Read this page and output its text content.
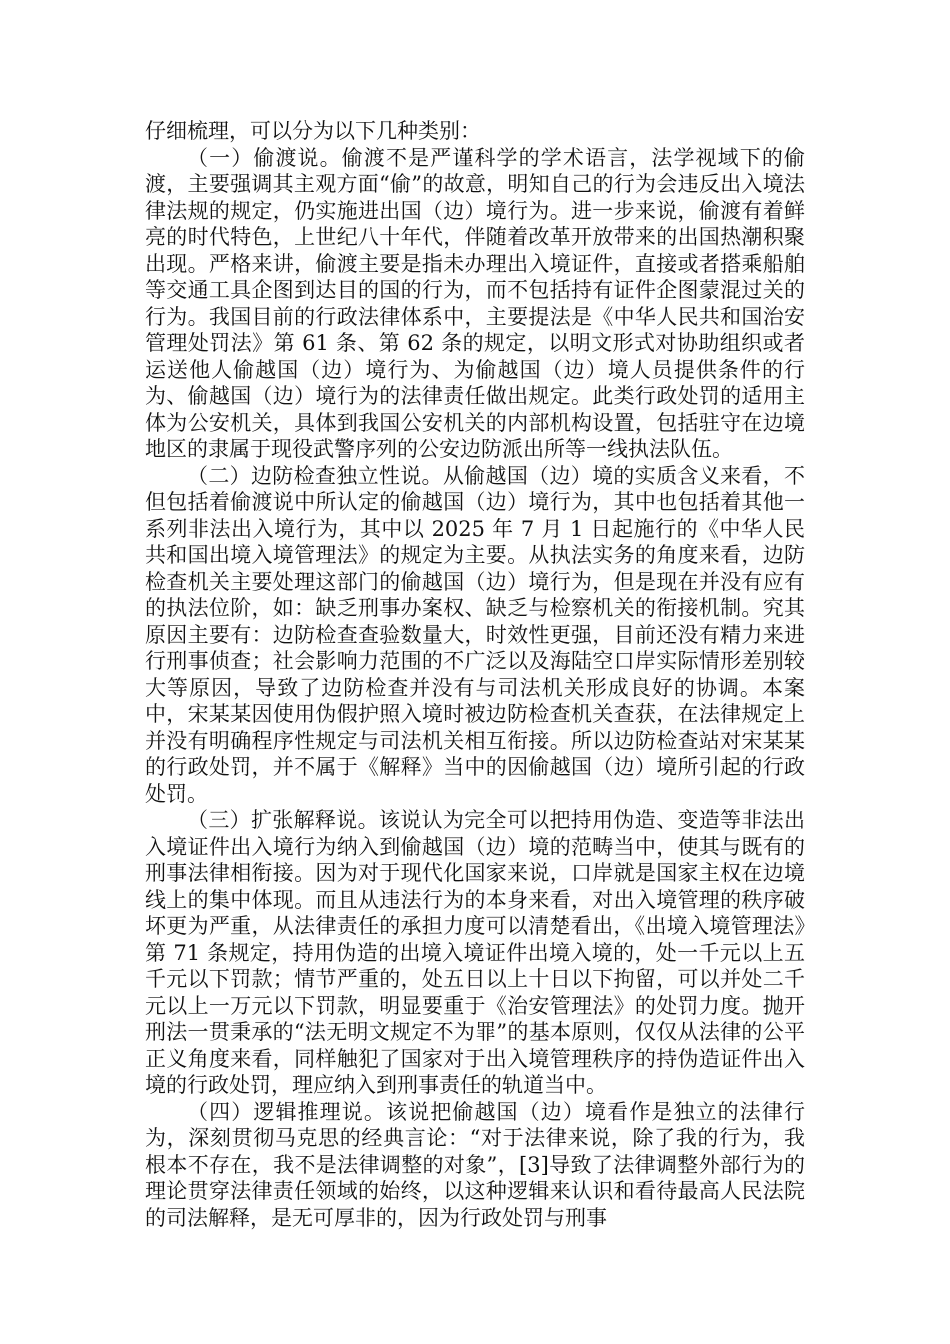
仔细梳理，可以分为以下几种类别：

（一）偷渡说。偷渡不是严谨科学的学术语言，法学视域下的偷渡，主要强调其主观方面“偷”的故意，明知自己的行为会违反出入境法律法规的规定，仍实施进出国（边）境行为。进一步来说，偷渡有着鲜亮的时代特色，上世纪八十年代，伴随着改革开放带来的出国热潮积聚出现。严格来讲，偷渡主要是指未办理出入境证件，直接或者搭乘船舶等交通工具企图到达目的国的行为，而不包括持有证件企图蒙混过关的行为。我国目前的行政法律体系中，主要提法是《中华人民共和国治安管理处罚法》第 61 条、第 62 条的规定，以明文形式对协助组织或者运送他人偷越国（边）境行为、为偷越国（边）境人员提供条件的行为、偷越国（边）境行为的法律责任做出规定。此类行政处罚的适用主体为公安机关，具体到我国公安机关的内部机构设置，包括驻守在边境地区的隶属于现役武警序列的公安边防派出所等一线执法队伍。

（二）边防检查独立性说。从偷越国（边）境的实质含义来看，不但包括着偷渡说中所认定的偷越国（边）境行为，其中也包括着其他一系列非法出入境行为，其中以 2025 年 7 月 1 日起施行的《中华人民共和国出境入境管理法》的规定为主要。从执法实务的角度来看，边防检查机关主要处理这部门的偷越国（边）境行为，但是现在并没有应有的执法位阶，如：缺乏刑事办案权、缺乏与检察机关的衔接机制。究其原因主要有：边防检查查验数量大，时效性更强，目前还没有精力来进行刑事侦查；社会影响力范围的不广泛以及海陆空口岸实际情形差别较大等原因，导致了边防检查并没有与司法机关形成良好的协调。本案中，宋某某因使用伪假护照入境时被边防检查机关查获，在法律规定上并没有明确程序性规定与司法机关相互衔接。所以边防检查站对宋某某的行政处罚，并不属于《解释》当中的因偷越国（边）境所引起的行政处罚。

（三）扩张解释说。该说认为完全可以把持用伪造、变造等非法出入境证件出入境行为纳入到偷越国（边）境的范畴当中，使其与既有的刑事法律相衔接。因为对于现代化国家来说，口岸就是国家主权在边境线上的集中体现。而且从违法行为的本身来看，对出入境管理的秩序破坏更为严重，从法律责任的承担力度可以清楚看出，《出境入境管理法》第 71 条规定，持用伪造的出境入境证件出境入境的，处一千元以上五千元以下罚款；情节严重的，处五日以上十日以下拘留，可以并处二千元以上一万元以下罚款，明显要重于《治安管理法》的处罚力度。抛开刑法一贯秉承的“法无明文规定不为罪”的基本原则，仅仅从法律的公平正义角度来看，同样触犯了国家对于出入境管理秩序的持伪造证件出入境的行政处罚，理应纳入到刑事责任的轨道当中。

（四）逻辑推理说。该说把偷越国（边）境看作是独立的法律行为，深刻贯彻马克思的经典言论：“对于法律来说，除了我的行为，我根本不存在，我不是法律调整的对象”，[3]导致了法律调整外部行为的理论贯穿法律责任领域的始终，以这种逻辑来认识和看待最高人民法院的司法解释，是无可厚非的，因为行政处罚与刑事
